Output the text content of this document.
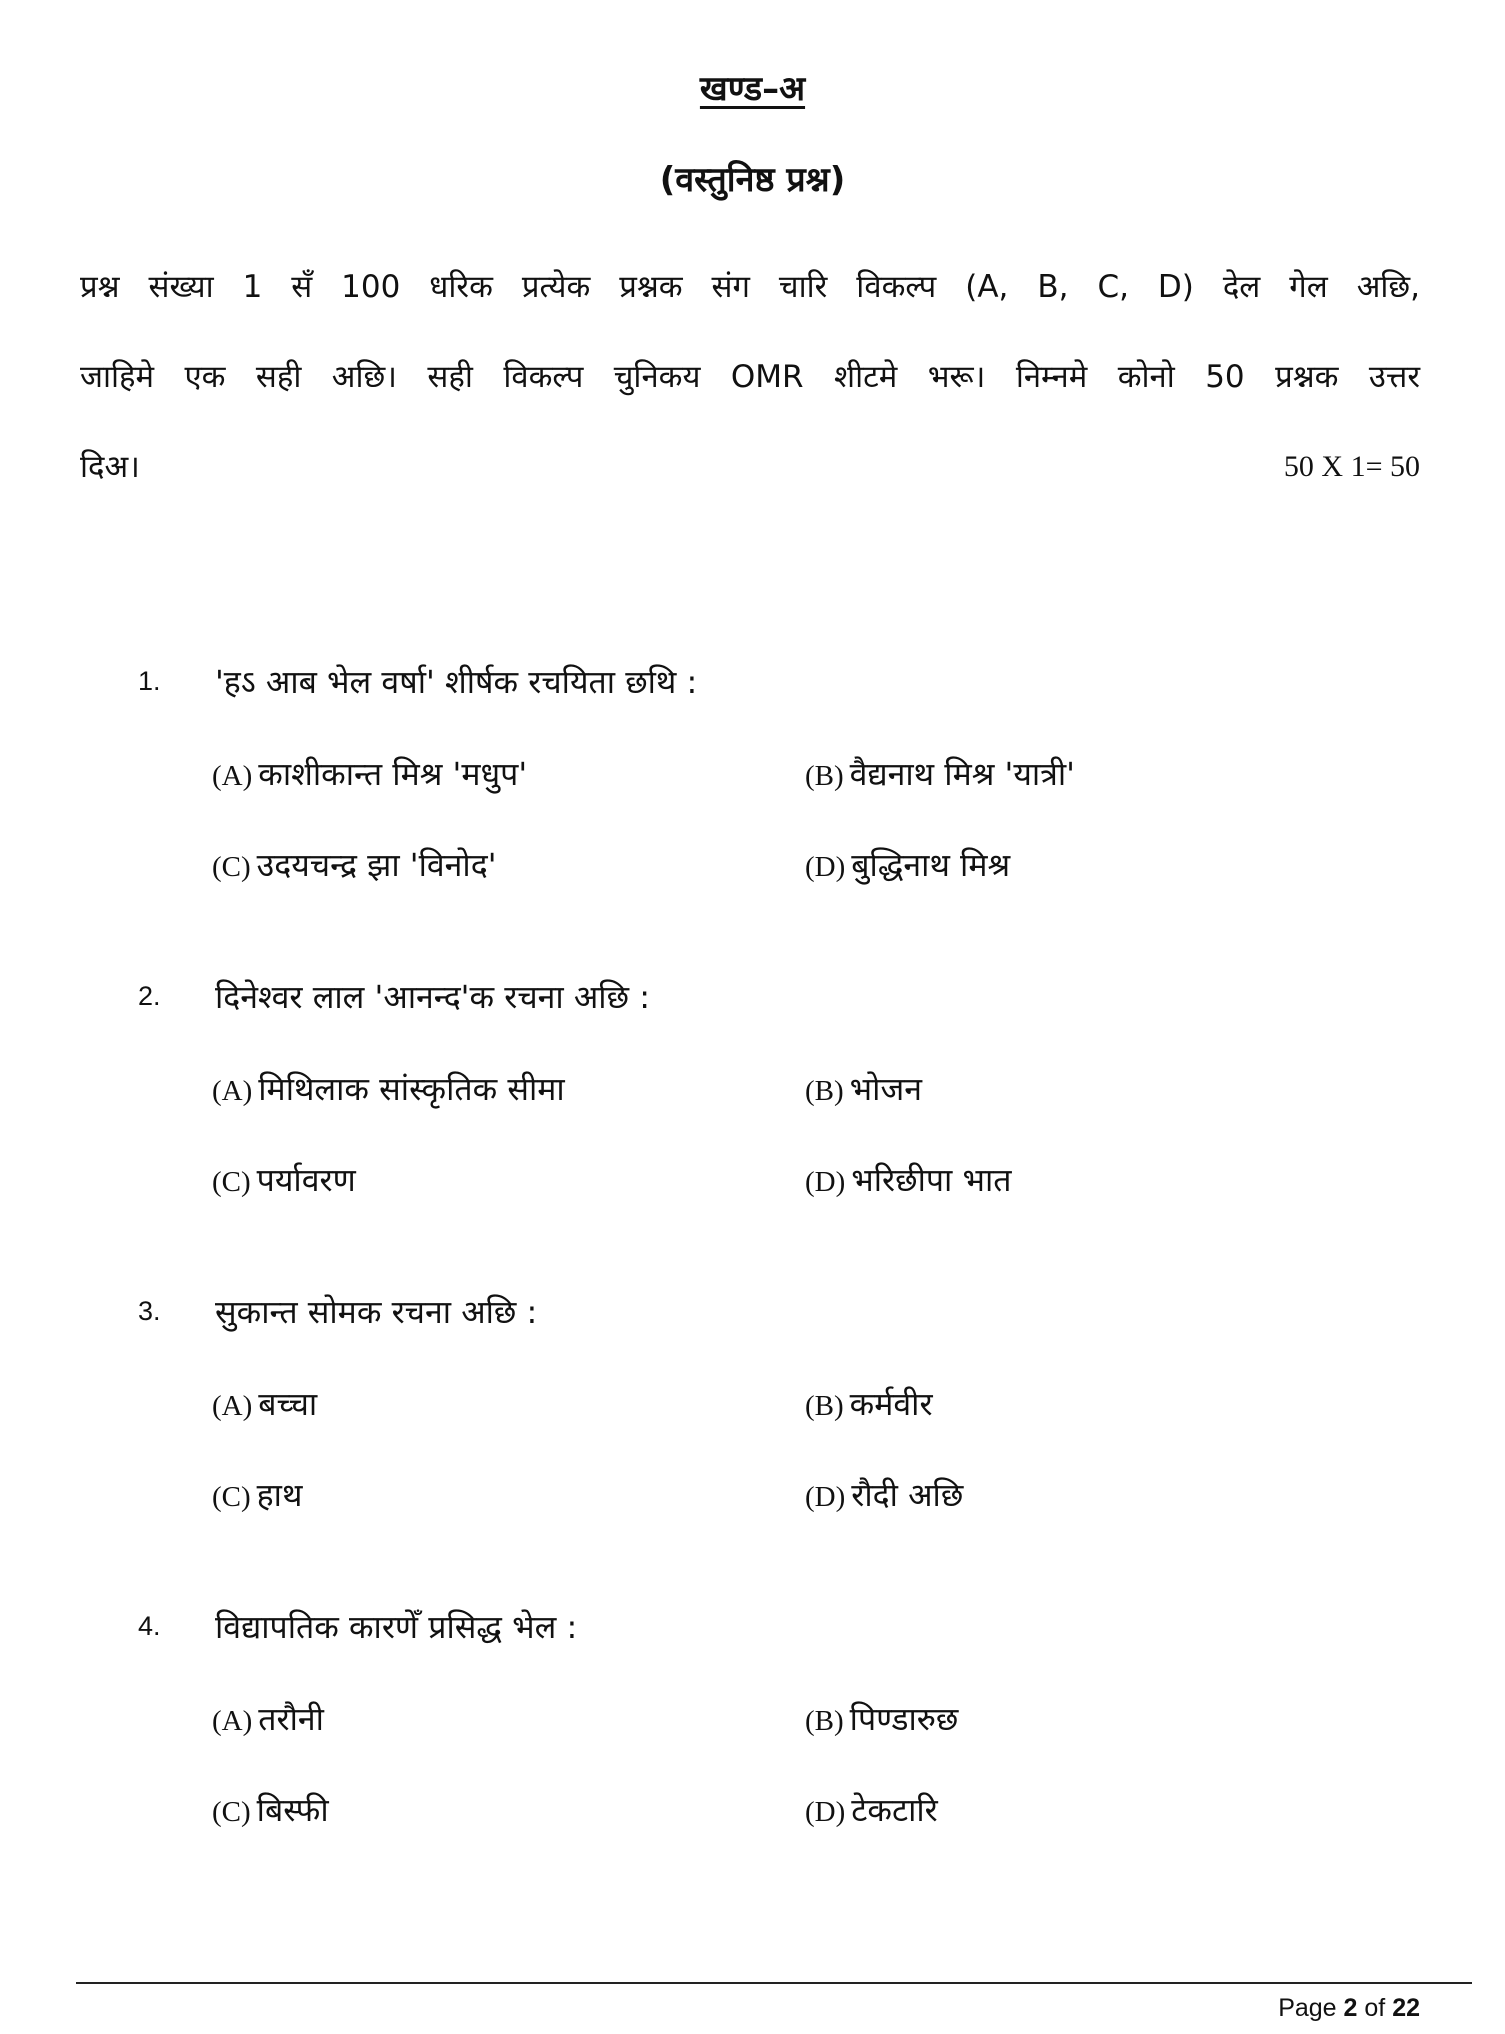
खण्ड–अ
(वस्तुनिष्ठ प्रश्न)
प्रश्न संख्या 1 सँ 100 धरिक प्रत्येक प्रश्नक संग चारि विकल्प (A, B, C, D) देल गेल अछि,
जाहिमे एक सही अछि। सही विकल्प चुनिकय OMR शीटमे भरू। निम्नमे कोनो 50 प्रश्नक उत्तर
दिअ।	50 X 1= 50
1. 'हऽ आब भेल वर्षा' शीर्षक रचयिता छथि :
(A) काशीकान्त मिश्र 'मधुप'	(B) वैद्यनाथ मिश्र 'यात्री'
(C) उदयचन्द्र झा 'विनोद'	(D) बुद्धिनाथ मिश्र
2. दिनेश्वर लाल 'आनन्द'क रचना अछि :
(A) मिथिलाक सांस्कृतिक सीमा	(B) भोजन
(C) पर्यावरण	(D) भरिछीपा भात
3. सुकान्त सोमक रचना अछि :
(A) बच्चा	(B) कर्मवीर
(C) हाथ	(D) रौदी अछि
4. विद्यापतिक कारणेँ प्रसिद्ध भेल :
(A) तरौनी	(B) पिण्डारुछ
(C) बिस्फी	(D) टेकटारि
Page 2 of 22
